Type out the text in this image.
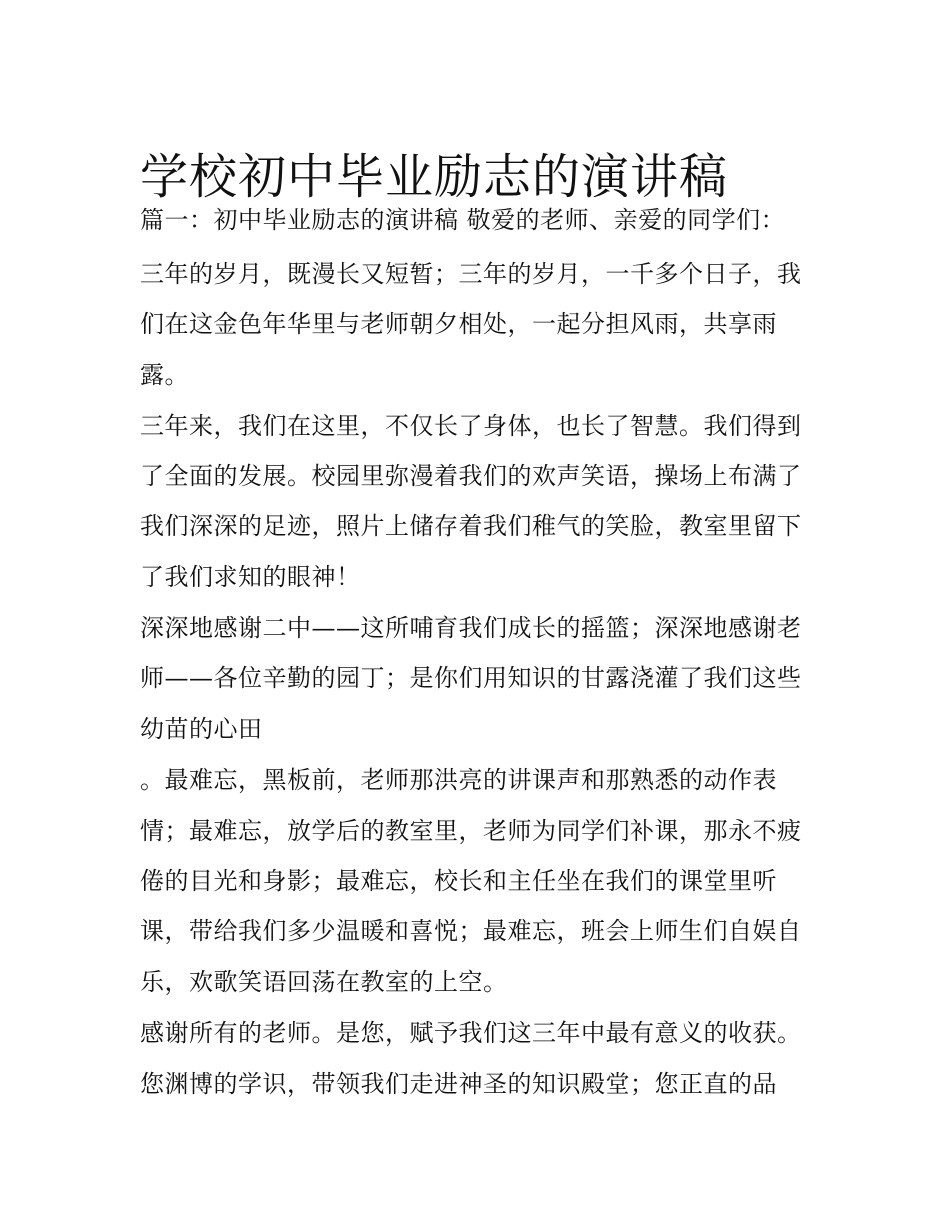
学校初中毕业励志的演讲稿
篇一：初中毕业励志的演讲稿 敬爱的老师、亲爱的同学们：
三年的岁月，既漫长又短暂；三年的岁月，一千多个日子，我
们在这金色年华里与老师朝夕相处，一起分担风雨，共享雨
露。
三年来，我们在这里，不仅长了身体，也长了智慧。我们得到
了全面的发展。校园里弥漫着我们的欢声笑语，操场上布满了
我们深深的足迹，照片上储存着我们稚气的笑脸，教室里留下
了我们求知的眼神！
深深地感谢二中——这所哺育我们成长的摇篮；深深地感谢老
师——各位辛勤的园丁；是你们用知识的甘露浇灌了我们这些
幼苗的心田
。最难忘，黑板前，老师那洪亮的讲课声和那熟悉的动作表
情；最难忘，放学后的教室里，老师为同学们补课，那永不疲
倦的目光和身影；最难忘，校长和主任坐在我们的课堂里听
课，带给我们多少温暖和喜悦；最难忘，班会上师生们自娱自
乐，欢歌笑语回荡在教室的上空。
感谢所有的老师。是您，赋予我们这三年中最有意义的收获。
您渊博的学识，带领我们走进神圣的知识殿堂；您正直的品
